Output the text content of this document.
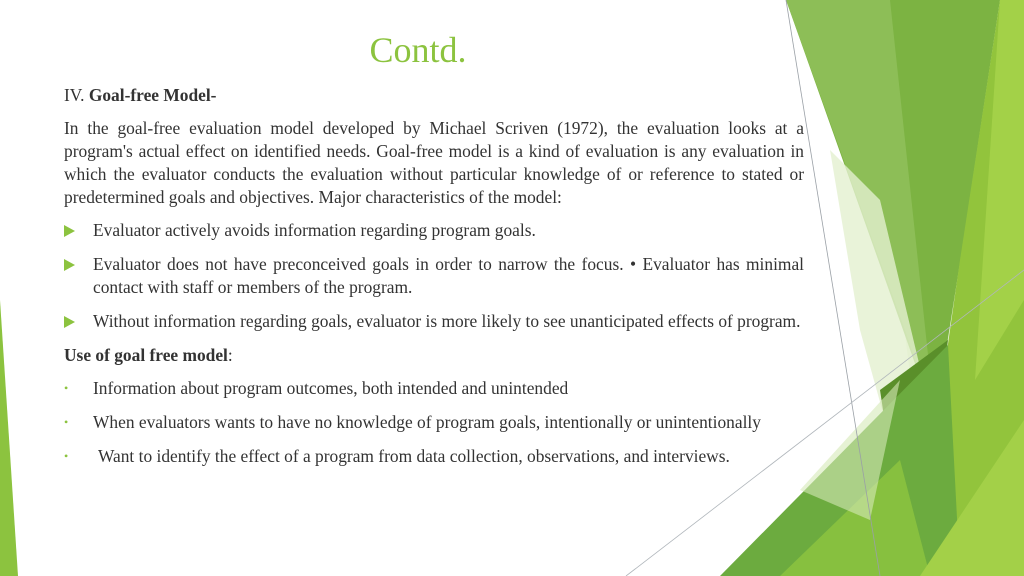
Contd.

IV. Goal-free Model-

In the goal-free evaluation model developed by Michael Scriven (1972), the evaluation looks at a program's actual effect on identified needs. Goal-free model is a kind of evaluation is any evaluation in which the evaluator conducts the evaluation without particular knowledge of or reference to stated or predetermined goals and objectives. Major characteristics of the model:

Evaluator actively avoids information regarding program goals.
Evaluator does not have preconceived goals in order to narrow the focus. • Evaluator has minimal contact with staff or members of the program.
Without information regarding goals, evaluator is more likely to see unanticipated effects of program.

Use of goal free model:

• Information about program outcomes, both intended and unintended
• When evaluators wants to have no knowledge of program goals, intentionally or unintentionally
• Want to identify the effect of a program from data collection, observations, and interviews.
